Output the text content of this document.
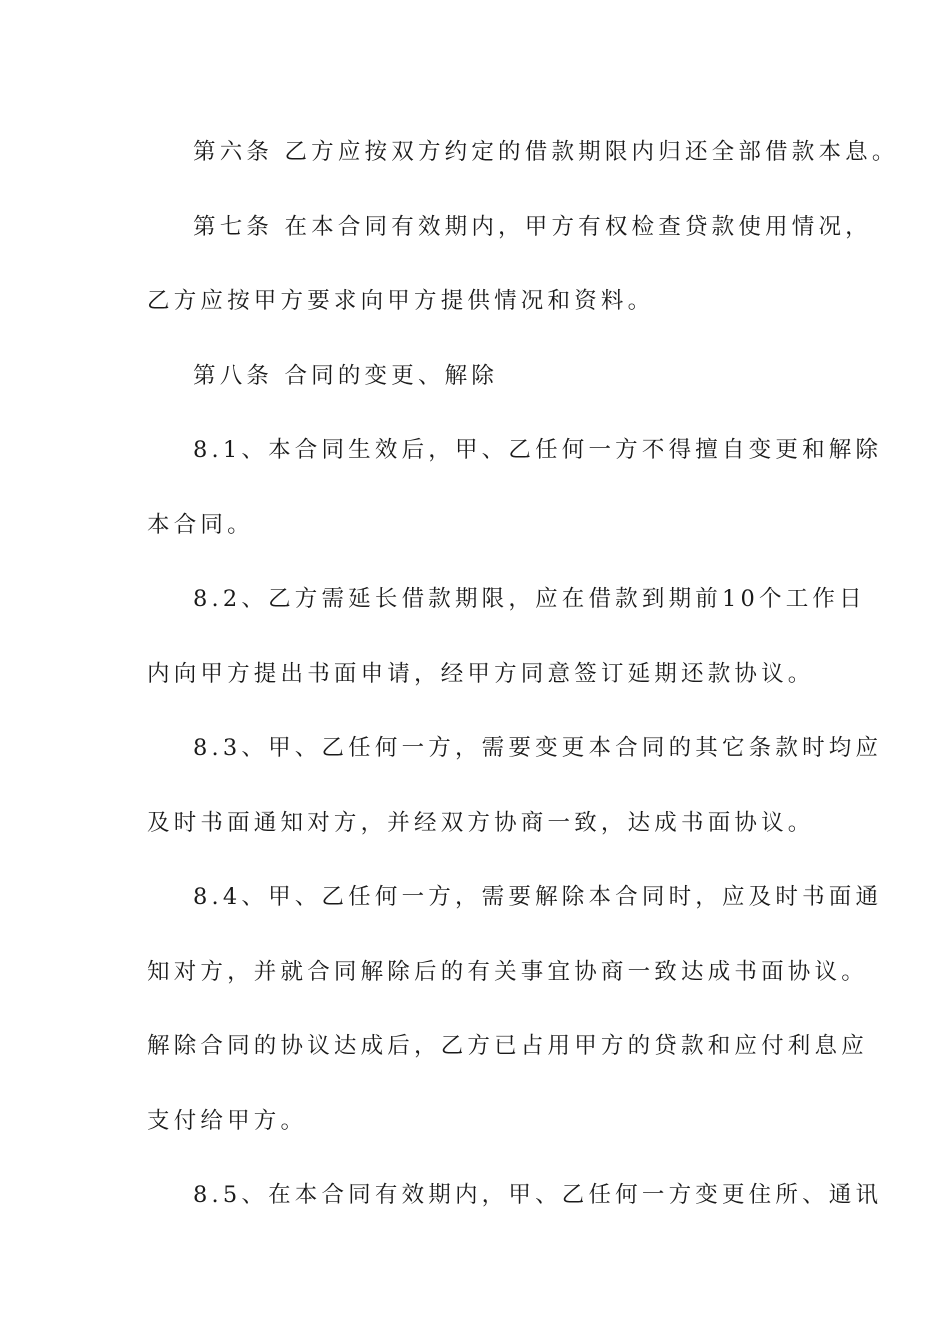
第六条 乙方应按双方约定的借款期限内归还全部借款本息。
第七条 在本合同有效期内，甲方有权检查贷款使用情况，
乙方应按甲方要求向甲方提供情况和资料。
第八条 合同的变更、解除
8.1、本合同生效后，甲、乙任何一方不得擅自变更和解除
本合同。
8.2、乙方需延长借款期限，应在借款到期前10个工作日
内向甲方提出书面申请，经甲方同意签订延期还款协议。
8.3、甲、乙任何一方，需要变更本合同的其它条款时均应
及时书面通知对方，并经双方协商一致，达成书面协议。
8.4、甲、乙任何一方，需要解除本合同时，应及时书面通
知对方，并就合同解除后的有关事宜协商一致达成书面协议。
解除合同的协议达成后，乙方已占用甲方的贷款和应付利息应
支付给甲方。
8.5、在本合同有效期内，甲、乙任何一方变更住所、通讯
